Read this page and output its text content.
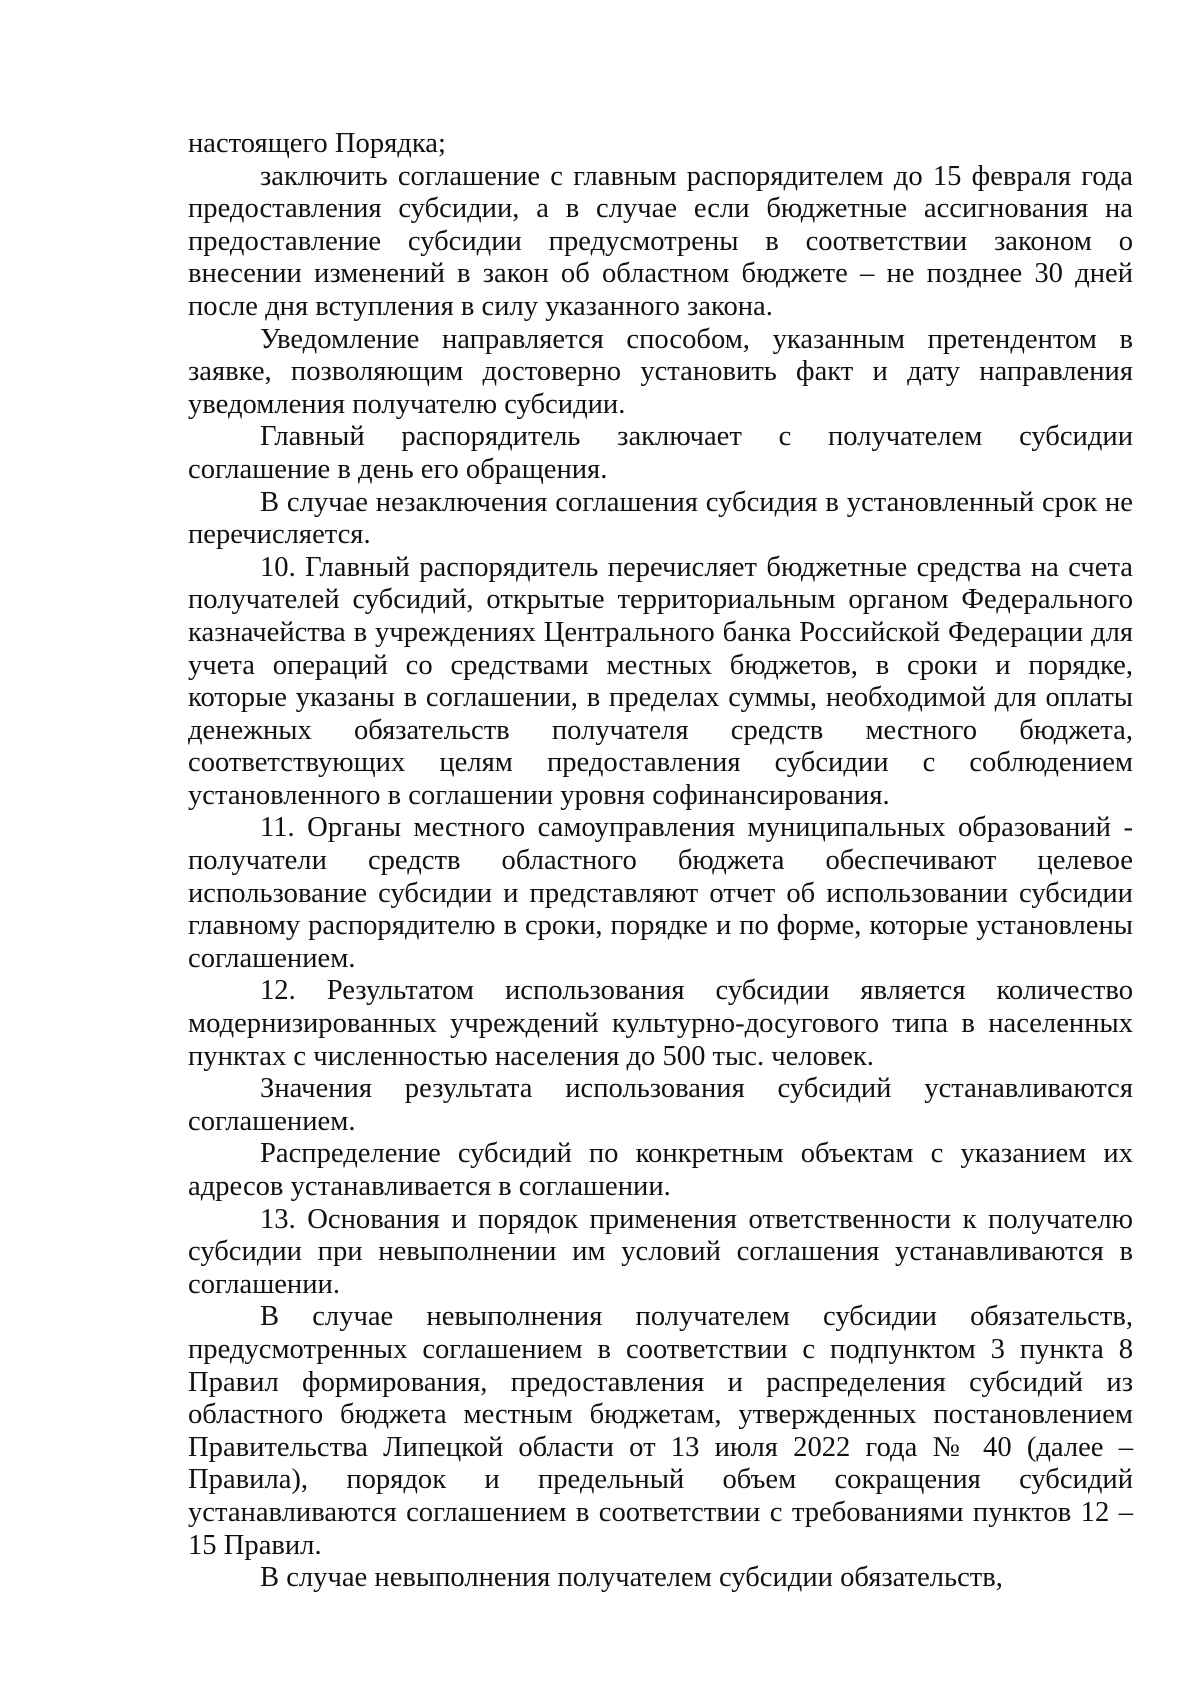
настоящего Порядка;

заключить соглашение с главным распорядителем до 15 февраля года предоставления субсидии, а в случае если бюджетные ассигнования на предоставление субсидии предусмотрены в соответствии законом о внесении изменений в закон об областном бюджете – не позднее 30 дней после дня вступления в силу указанного закона.

Уведомление направляется способом, указанным претендентом в заявке, позволяющим достоверно установить факт и дату направления уведомления получателю субсидии.

Главный распорядитель заключает с получателем субсидии соглашение в день его обращения.

В случае незаключения соглашения субсидия в установленный срок не перечисляется.

10. Главный распорядитель перечисляет бюджетные средства на счета получателей субсидий, открытые территориальным органом Федерального казначейства в учреждениях Центрального банка Российской Федерации для учета операций со средствами местных бюджетов, в сроки и порядке, которые указаны в соглашении, в пределах суммы, необходимой для оплаты денежных обязательств получателя средств местного бюджета, соответствующих целям предоставления субсидии с соблюдением установленного в соглашении уровня софинансирования.

11. Органы местного самоуправления муниципальных образований - получатели средств областного бюджета обеспечивают целевое использование субсидии и представляют отчет об использовании субсидии главному распорядителю в сроки, порядке и по форме, которые установлены соглашением.

12. Результатом использования субсидии является количество модернизированных учреждений культурно-досугового типа в населенных пунктах с численностью населения до 500 тыс. человек.

Значения результата использования субсидий устанавливаются соглашением.

Распределение субсидий по конкретным объектам с указанием их адресов устанавливается в соглашении.

13. Основания и порядок применения ответственности к получателю субсидии при невыполнении им условий соглашения устанавливаются в соглашении.

В случае невыполнения получателем субсидии обязательств, предусмотренных соглашением в соответствии с подпунктом 3 пункта 8 Правил формирования, предоставления и распределения субсидий из областного бюджета местным бюджетам, утвержденных постановлением Правительства Липецкой области от 13 июля 2022 года № 40 (далее – Правила), порядок и предельный объем сокращения субсидий устанавливаются соглашением в соответствии с требованиями пунктов 12 – 15 Правил.

В случае невыполнения получателем субсидии обязательств,
